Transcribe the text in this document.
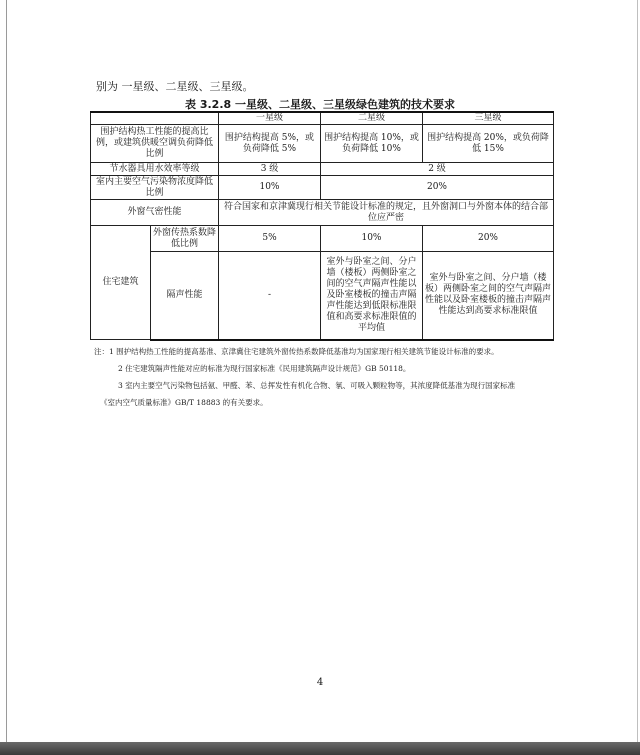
别为 一星级、二星级、三星级。
表 3.2.8 一星级、二星级、三星级绿色建筑的技术要求
		一星级	二星级	三星级
围护结构热工性能的提高比例，或建筑供暖空调负荷降低比例		围护结构提高 5%，或负荷降低 5%	围护结构提高 10%，或负荷降低 10%	围护结构提高 20%，或负荷降低 15%
节水器具用水效率等级		3 级	2 级	
室内主要空气污染物浓度降低比例		10%	20%	
外窗气密性能		符合国家和京津冀现行相关节能设计标准的规定，且外窗洞口与外窗本体的结合部位应严密		
住宅建筑	外窗传热系数降低比例	5%	10%	20%
	隔声性能	-	室外与卧室之间、分户墙（楼板）两侧卧室之间的空气声隔声性能以及卧室楼板的撞击声隔声性能达到低限标准限值和高要求标准限值的平均值	室外与卧室之间、分户墙（楼板）两侧卧室之间的空气声隔声性能以及卧室楼板的撞击声隔声性能达到高要求标准限值

注：1 围护结构热工性能的提高基准、京津冀住宅建筑外窗传热系数降低基准均为国家现行相关建筑节能设计标准的要求。

2 住宅建筑隔声性能对应的标准为现行国家标准《民用建筑隔声设计规范》GB 50118。

3 室内主要空气污染物包括氨、甲醛、苯、总挥发性有机化合物、氡、可吸入颗粒物等，其浓度降低基准为现行国家标准

《室内空气质量标准》GB/T 18883 的有关要求。

4
